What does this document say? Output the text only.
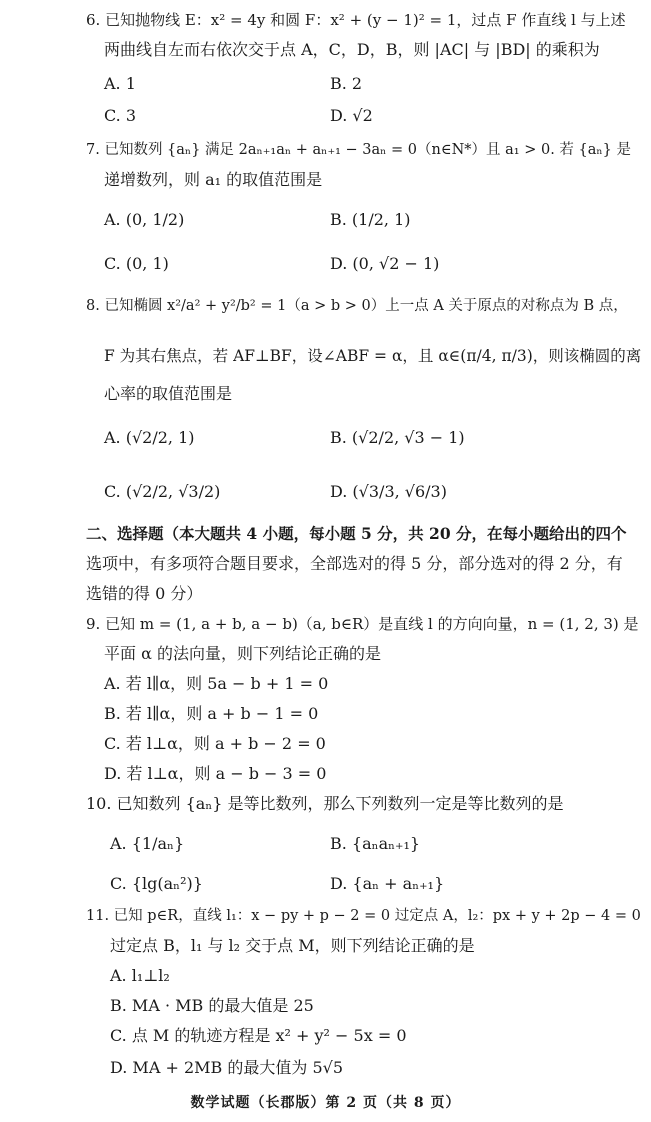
6. 已知抛物线 E：x² = 4y 和圆 F：x² + (y − 1)² = 1，过点 F 作直线 l 与上述
两曲线自左而右依次交于点 A，C，D，B，则 |AC| 与 |BD| 的乘积为
A. 1	B. 2
C. 3	D. √2
7. 已知数列 {aₙ} 满足 2aₙ₊₁aₙ + aₙ₊₁ − 3aₙ = 0（n∈N*）且 a₁ > 0. 若 {aₙ} 是
递增数列，则 a₁ 的取值范围是
A. (0, 1/2)	B. (1/2, 1)
C. (0, 1)	D. (0, √2 − 1)
8. 已知椭圆 x²/a² + y²/b² = 1（a > b > 0）上一点 A 关于原点的对称点为 B 点，
F 为其右焦点，若 AF⊥BF，设∠ABF = α，且 α∈(π/4, π/3)，则该椭圆的离
心率的取值范围是
A. (√2/2, 1)	B. (√2/2, √3 − 1)
C. (√2/2, √3/2)	D. (√3/3, √6/3)
二、选择题（本大题共 4 小题，每小题 5 分，共 20 分，在每小题给出的四个
选项中，有多项符合题目要求，全部选对的得 5 分，部分选对的得 2 分，有
选错的得 0 分）
9. 已知 m = (1, a + b, a − b)（a, b∈R）是直线 l 的方向向量，n = (1, 2, 3) 是
平面 α 的法向量，则下列结论正确的是
A. 若 l∥α，则 5a − b + 1 = 0
B. 若 l∥α，则 a + b − 1 = 0
C. 若 l⊥α，则 a + b − 2 = 0
D. 若 l⊥α，则 a − b − 3 = 0
10. 已知数列 {aₙ} 是等比数列，那么下列数列一定是等比数列的是
A. {1/aₙ}	B. {aₙaₙ₊₁}
C. {lg(aₙ²)}	D. {aₙ + aₙ₊₁}
11. 已知 p∈R，直线 l₁：x − py + p − 2 = 0 过定点 A，l₂：px + y + 2p − 4 = 0
过定点 B，l₁ 与 l₂ 交于点 M，则下列结论正确的是
A. l₁⊥l₂
B. MA · MB 的最大值是 25
C. 点 M 的轨迹方程是 x² + y² − 5x = 0
D. MA + 2MB 的最大值为 5√5
数学试题（长郡版）第 2 页（共 8 页）
